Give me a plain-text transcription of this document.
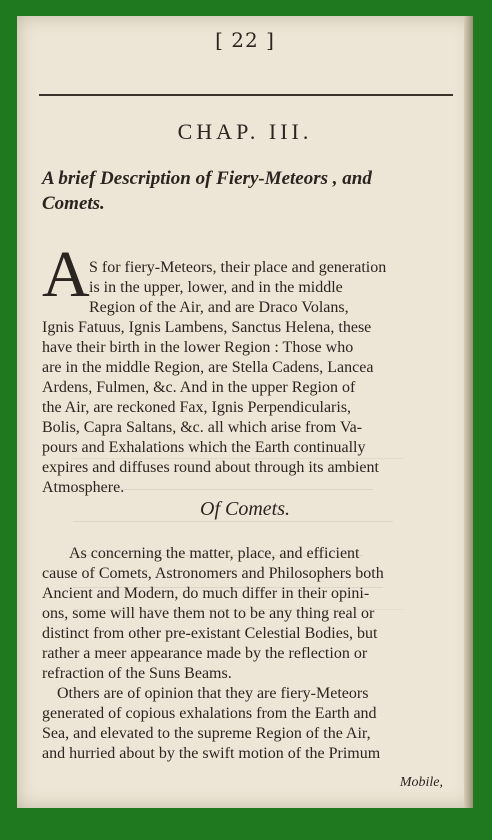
[ 22 ]
CHAP. III.
A brief Description of Fiery-Meteors , and
Comets.
A S for fiery-Meteors, their place and generation
is in the upper, lower, and in the middle
Region of the Air, and are Draco Volans,
Ignis Fatuus, Ignis Lambens, Sanctus Helena, these
have their birth in the lower Region : Those who
are in the middle Region, are Stella Cadens, Lancea
Ardens, Fulmen, &c. And in the upper Region of
the Air, are reckoned Fax, Ignis Perpendicularis,
Bolis, Capra Saltans, &c. all which arise from Va-
pours and Exhalations which the Earth continually
expires and diffuses round about through its ambient
Atmosphere.
Of Comets.
As concerning the matter, place, and efficient
cause of Comets, Astronomers and Philosophers both
Ancient and Modern, do much differ in their opini-
ons, some will have them not to be any thing real or
distinct from other pre-existant Celestial Bodies, but
rather a meer appearance made by the reflection or
refraction of the Suns Beams.
Others are of opinion that they are fiery-Meteors
generated of copious exhalations from the Earth and
Sea, and elevated to the supreme Region of the Air,
and hurried about by the swift motion of the Primum
Mobile,
